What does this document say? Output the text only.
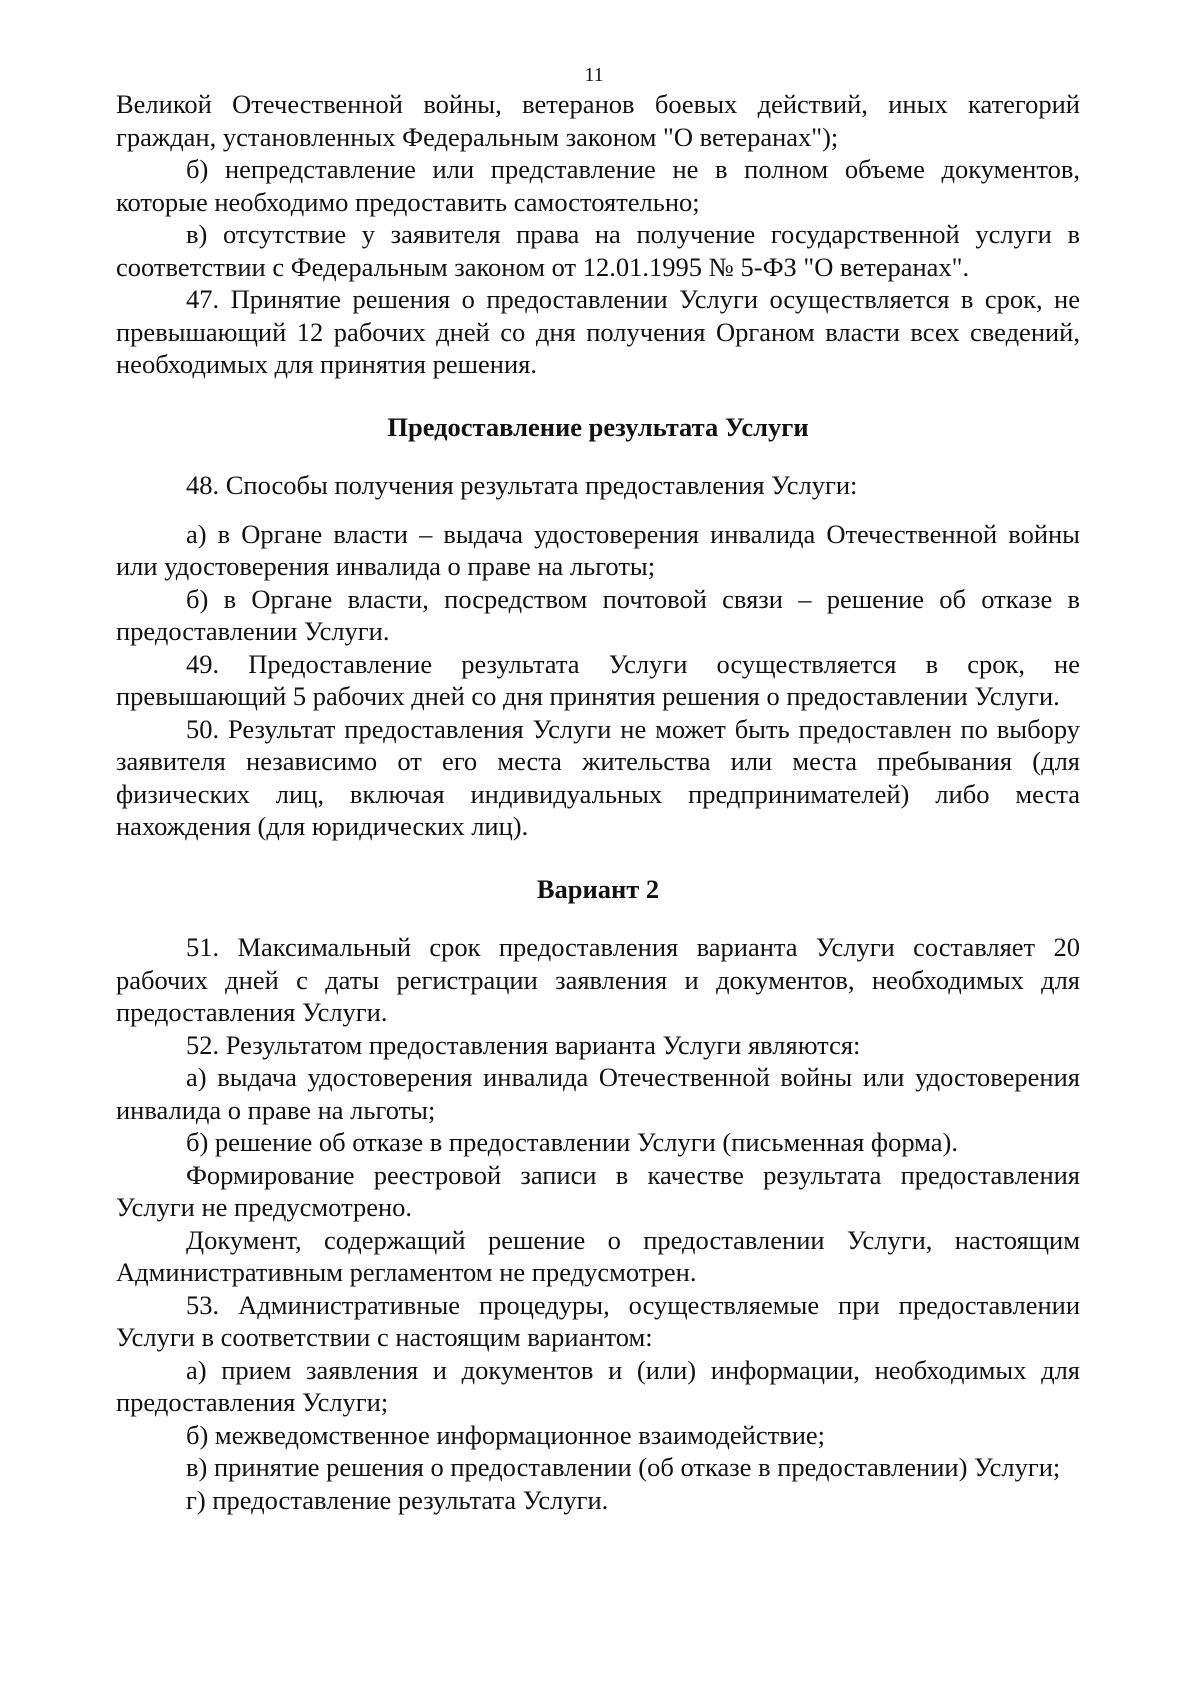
11

Великой Отечественной войны, ветеранов боевых действий, иных категорий граждан, установленных Федеральным законом "О ветеранах");

б) непредставление или представление не в полном объеме документов, которые необходимо предоставить самостоятельно;

в) отсутствие у заявителя права на получение государственной услуги в соответствии с Федеральным законом от 12.01.1995 № 5-ФЗ "О ветеранах".

47. Принятие решения о предоставлении Услуги осуществляется в срок, не превышающий 12 рабочих дней со дня получения Органом власти всех сведений, необходимых для принятия решения.

Предоставление результата Услуги

48. Способы получения результата предоставления Услуги:

а) в Органе власти – выдача удостоверения инвалида Отечественной войны или удостоверения инвалида о праве на льготы;

б) в Органе власти, посредством почтовой связи – решение об отказе в предоставлении Услуги.

49. Предоставление результата Услуги осуществляется в срок, не превышающий 5 рабочих дней со дня принятия решения о предоставлении Услуги.

50. Результат предоставления Услуги не может быть предоставлен по выбору заявителя независимо от его места жительства или места пребывания (для физических лиц, включая индивидуальных предпринимателей) либо места нахождения (для юридических лиц).

Вариант 2

51. Максимальный срок предоставления варианта Услуги составляет 20 рабочих дней с даты регистрации заявления и документов, необходимых для предоставления Услуги.

52. Результатом предоставления варианта Услуги являются:

а) выдача удостоверения инвалида Отечественной войны или удостоверения инвалида о праве на льготы;

б) решение об отказе в предоставлении Услуги (письменная форма).

Формирование реестровой записи в качестве результата предоставления Услуги не предусмотрено.

Документ, содержащий решение о предоставлении Услуги, настоящим Административным регламентом не предусмотрен.

53. Административные процедуры, осуществляемые при предоставлении Услуги в соответствии с настоящим вариантом:

а) прием заявления и документов и (или) информации, необходимых для предоставления Услуги;

б) межведомственное информационное взаимодействие;

в) принятие решения о предоставлении (об отказе в предоставлении) Услуги;

г) предоставление результата Услуги.
